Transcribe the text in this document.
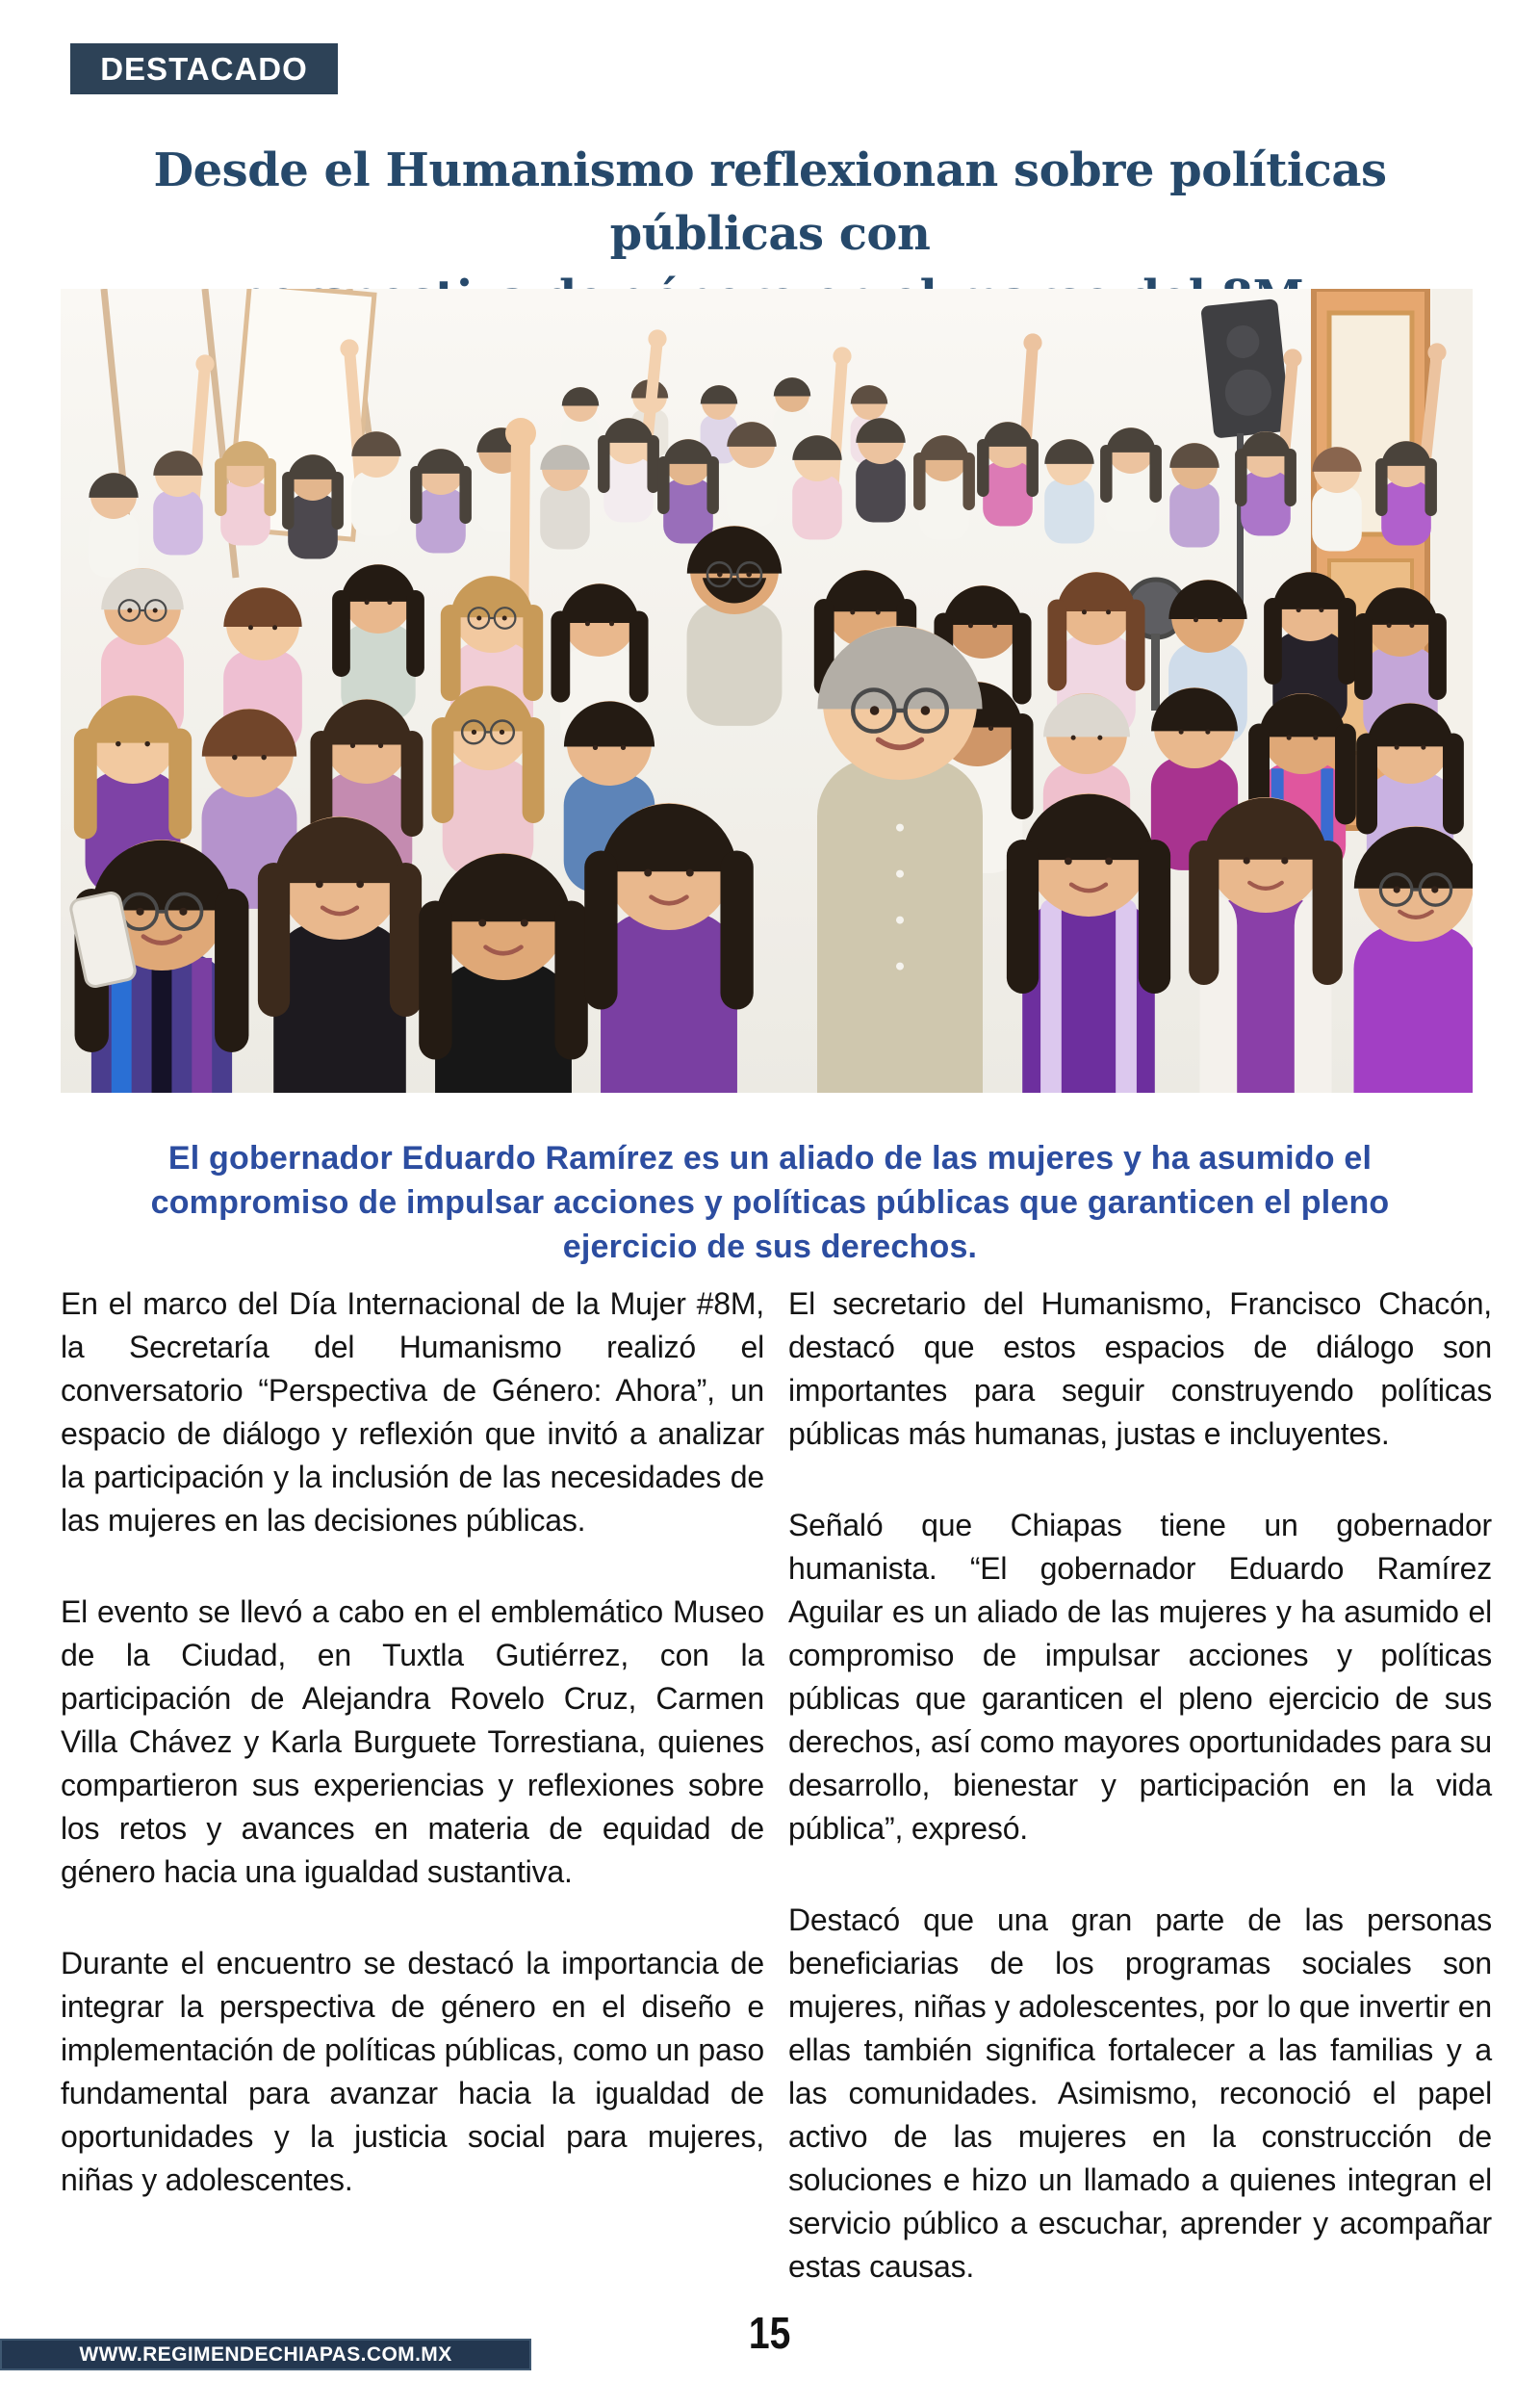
DESTACADO
Desde el Humanismo reflexionan sobre políticas públicas con
El gobernador Eduardo Ramírez es un aliado de las mujeres y ha asumido el
compromiso de impulsar acciones y políticas públicas que garanticen el pleno
ejercicio de sus derechos.

En el marco del Día Internacional de la Mujer #8M, la Secretaría del Humanismo realizó el conversatorio “Perspectiva de Género: Ahora”, un espacio de diálogo y reflexión que invitó a analizar la participación y la inclusión de las necesidades de las mujeres en las decisiones públicas.

El evento se llevó a cabo en el emblemático Museo de la Ciudad, en Tuxtla Gutiérrez, con la participación de Alejandra Rovelo Cruz, Carmen Villa Chávez y Karla Burguete Torrestiana, quienes compartieron sus experiencias y reflexiones sobre los retos y avances en materia de equidad de género hacia una igualdad sustantiva.

Durante el encuentro se destacó la importancia de integrar la perspectiva de género en el diseño e implementación de políticas públicas, como un paso fundamental para avanzar hacia la igualdad de oportunidades y la justicia social para mujeres, niñas y adolescentes.

El secretario del Humanismo, Francisco Chacón, destacó que estos espacios de diálogo son importantes para seguir construyendo políticas públicas más humanas, justas e incluyentes.

Señaló que Chiapas tiene un gobernador humanista. “El gobernador Eduardo Ramírez Aguilar es un aliado de las mujeres y ha asumido el compromiso de impulsar acciones y políticas públicas que garanticen el pleno ejercicio de sus derechos, así como mayores oportunidades para su desarrollo, bienestar y participación en la vida pública”, expresó.

Destacó que una gran parte de las personas beneficiarias de los programas sociales son mujeres, niñas y adolescentes, por lo que invertir en ellas también significa fortalecer a las familias y a las comunidades. Asimismo, reconoció el papel activo de las mujeres en la construcción de soluciones e hizo un llamado a quienes integran el servicio público a escuchar, aprender y acompañar estas causas.

15
WWW.REGIMENDECHIAPAS.COM.MX
